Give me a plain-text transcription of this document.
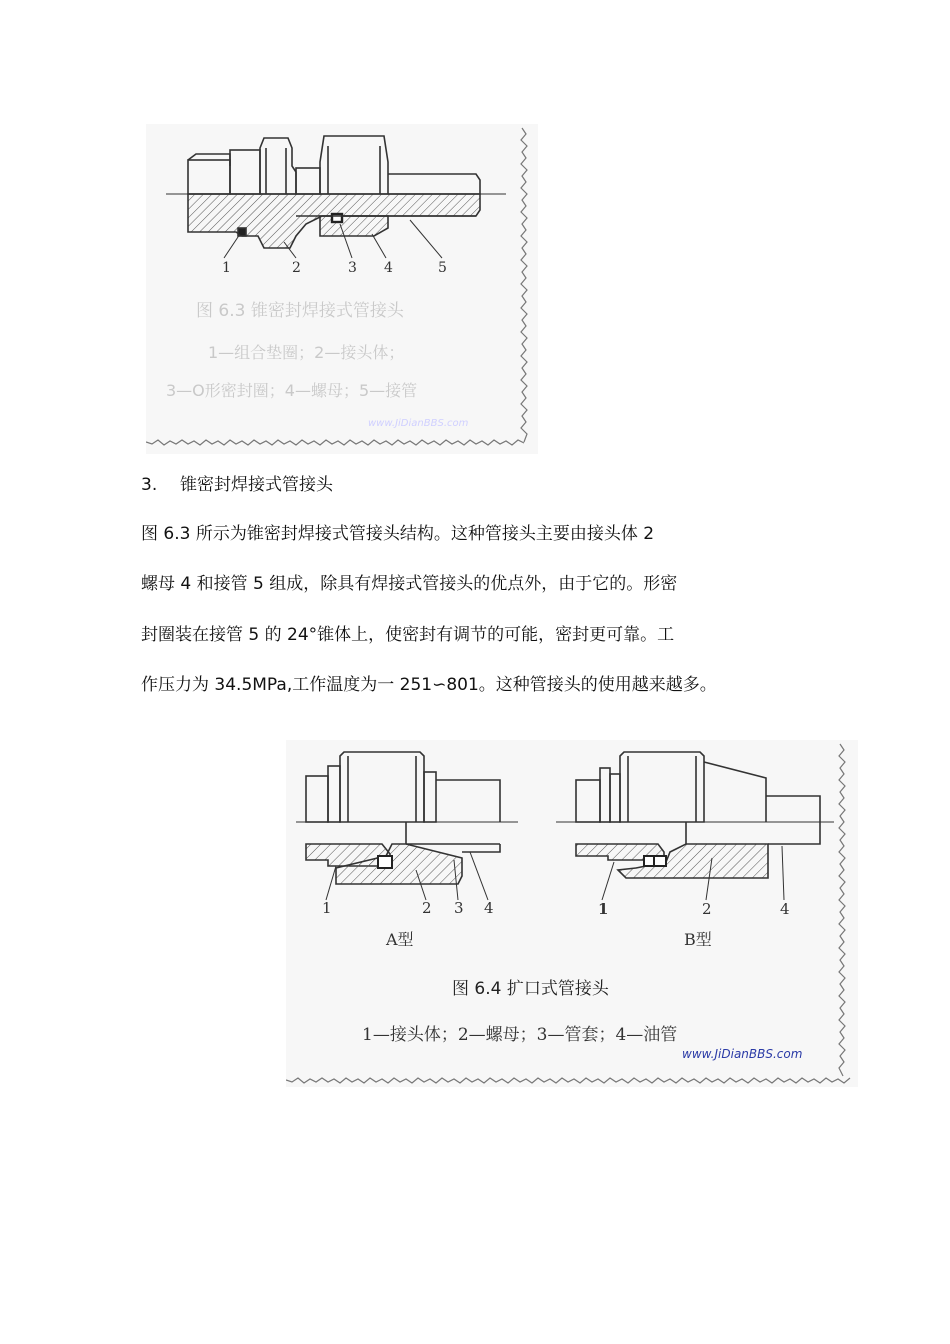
1	2	3 4	5
图 6.3 锥密封焊接式管接头
1—组合垫圈；2—接头体；
3—O形密封圈；4—螺母；5—接管
www.JiDianBBS.com
3. 锥密封焊接式管接头
图 6.3 所示为锥密封焊接式管接头结构。这种管接头主要由接头体 2
螺母 4 和接管 5 组成，除具有焊接式管接头的优点外，由于它的。形密
封圈装在接管 5 的 24°锥体上，使密封有调节的可能，密封更可靠。工
作压力为 34.5MPa,工作温度为一 251∽801。这种管接头的使用越来越多。
1	2 3 4
A型
1	2	4
B型
图 6.4 扩口式管接头
1—接头体；2—螺母；3—管套；4—油管
www.JiDianBBS.com
